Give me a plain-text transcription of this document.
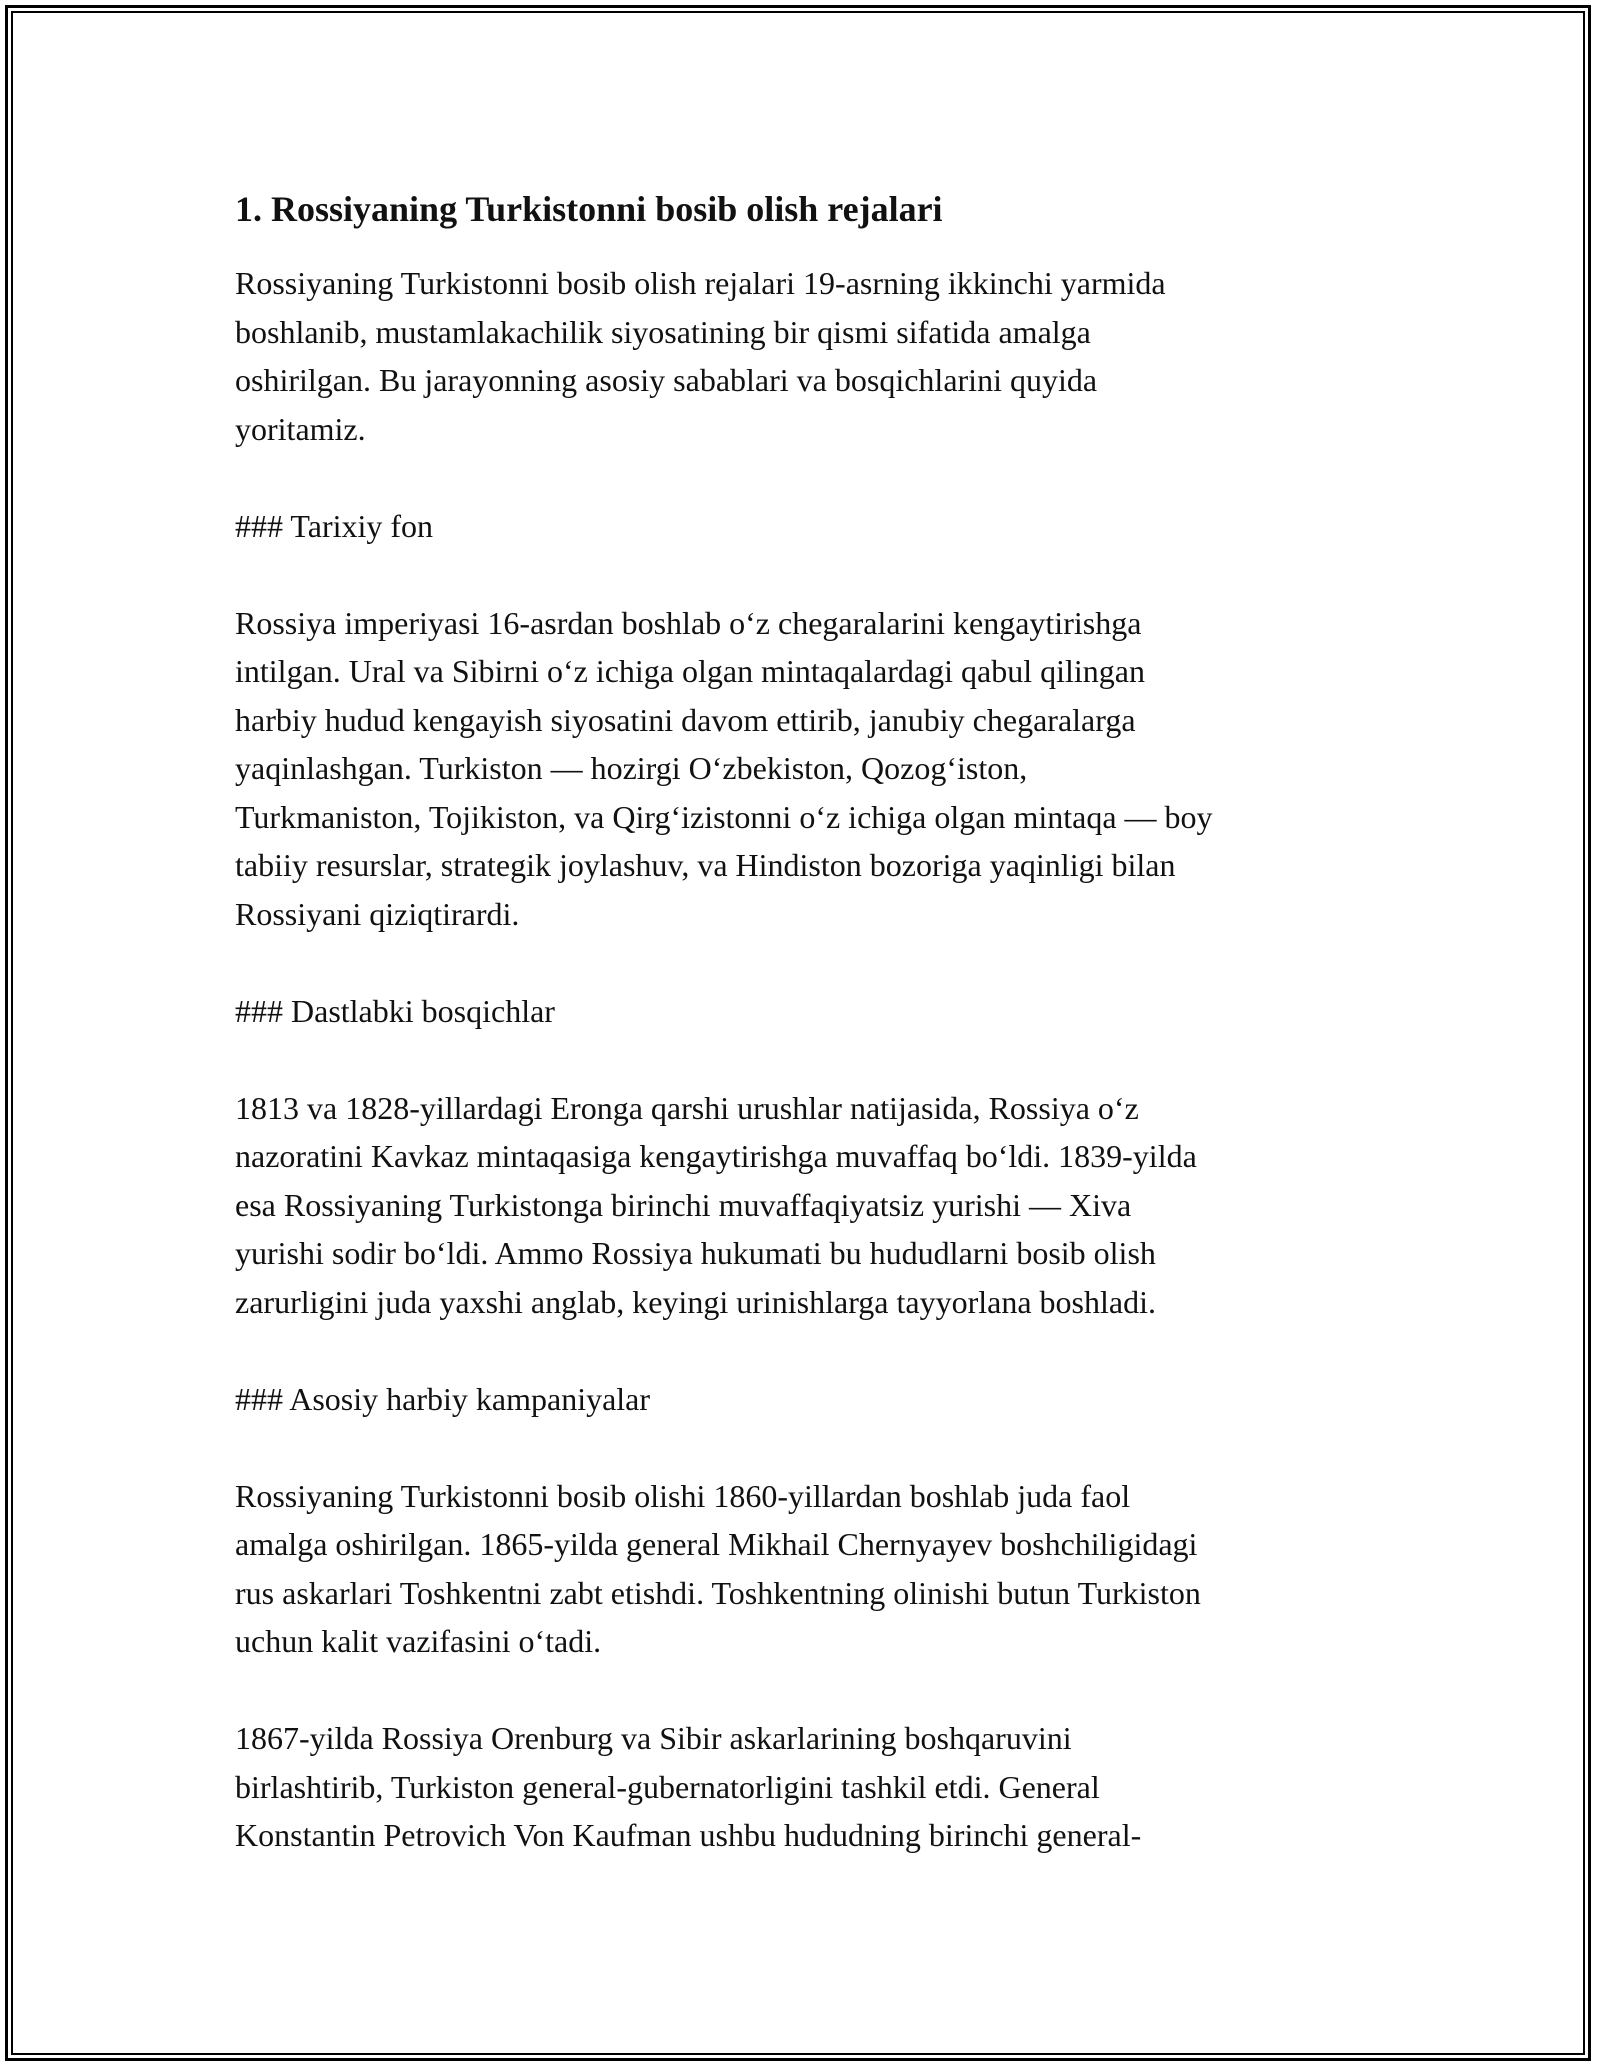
1. Rossiyaning Turkistonni bosib olish rejalari

Rossiyaning Turkistonni bosib olish rejalari 19-asrning ikkinchi yarmida
boshlanib, mustamlakachilik siyosatining bir qismi sifatida amalga
oshirilgan. Bu jarayonning asosiy sabablari va bosqichlarini quyida
yoritamiz.

### Tarixiy fon

Rossiya imperiyasi 16-asrdan boshlab o‘z chegaralarini kengaytirishga
intilgan. Ural va Sibirni o‘z ichiga olgan mintaqalardagi qabul qilingan
harbiy hudud kengayish siyosatini davom ettirib, janubiy chegaralarga
yaqinlashgan. Turkiston — hozirgi O‘zbekiston, Qozog‘iston,
Turkmaniston, Tojikiston, va Qirg‘izistonni o‘z ichiga olgan mintaqa — boy
tabiiy resurslar, strategik joylashuv, va Hindiston bozoriga yaqinligi bilan
Rossiyani qiziqtirardi.

### Dastlabki bosqichlar

1813 va 1828-yillardagi Eronga qarshi urushlar natijasida, Rossiya o‘z
nazoratini Kavkaz mintaqasiga kengaytirishga muvaffaq bo‘ldi. 1839-yilda
esa Rossiyaning Turkistonga birinchi muvaffaqiyatsiz yurishi — Xiva
yurishi sodir bo‘ldi. Ammo Rossiya hukumati bu hududlarni bosib olish
zarurligini juda yaxshi anglab, keyingi urinishlarga tayyorlana boshladi.

### Asosiy harbiy kampaniyalar

Rossiyaning Turkistonni bosib olishi 1860-yillardan boshlab juda faol
amalga oshirilgan. 1865-yilda general Mikhail Chernyayev boshchiligidagi
rus askarlari Toshkentni zabt etishdi. Toshkentning olinishi butun Turkiston
uchun kalit vazifasini o‘tadi.

1867-yilda Rossiya Orenburg va Sibir askarlarining boshqaruvini
birlashtirib, Turkiston general-gubernatorligini tashkil etdi. General
Konstantin Petrovich Von Kaufman ushbu hududning birinchi general-
